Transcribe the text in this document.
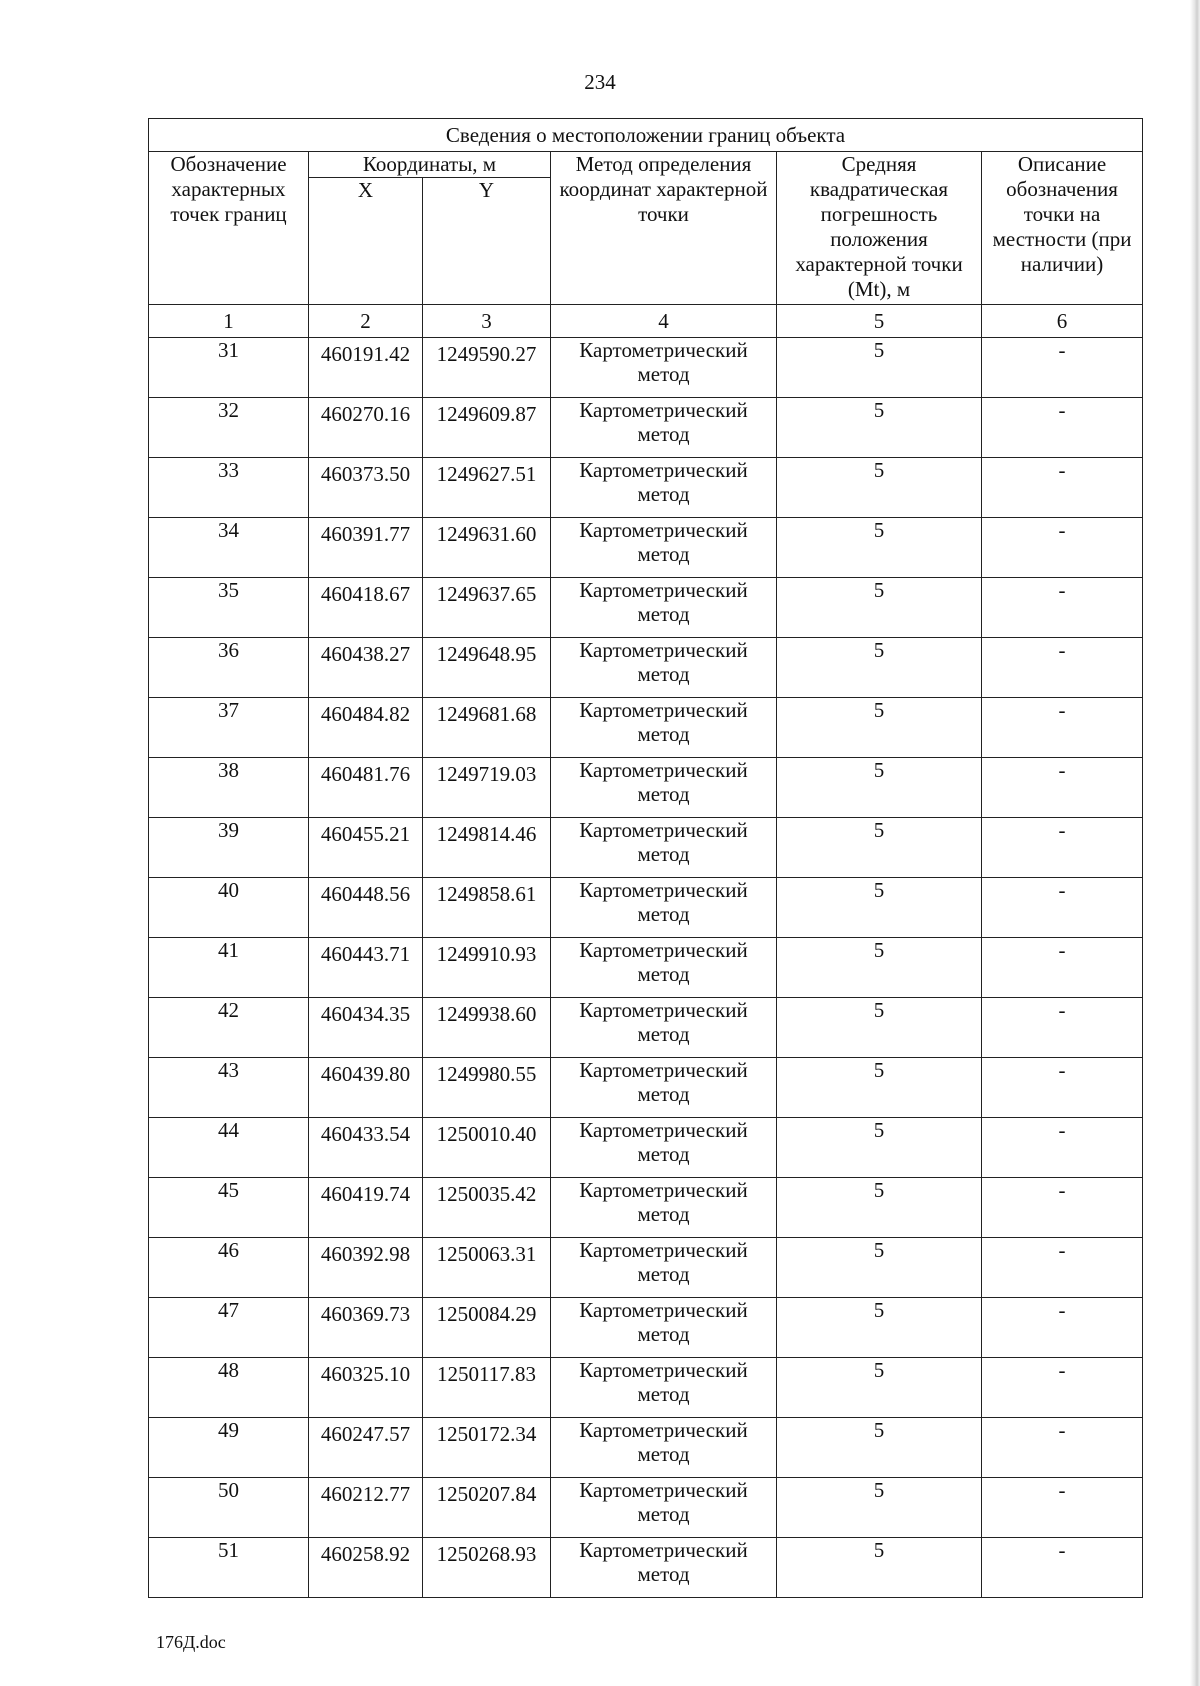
234
Сведения о местоположении границ объекта					
Обозначение характерных точек границ	Координаты, м		Метод определения координат характерной точки	Средняя квадратическая погрешность положения характерной точки (Mt), м	Описание обозначения точки на местности (при наличии)
	X	Y			
1	2	3	4	5	6
31	460191.42	1249590.27	Картометрический метод	5	-
32	460270.16	1249609.87	Картометрический метод	5	-
33	460373.50	1249627.51	Картометрический метод	5	-
34	460391.77	1249631.60	Картометрический метод	5	-
35	460418.67	1249637.65	Картометрический метод	5	-
36	460438.27	1249648.95	Картометрический метод	5	-
37	460484.82	1249681.68	Картометрический метод	5	-
38	460481.76	1249719.03	Картометрический метод	5	-
39	460455.21	1249814.46	Картометрический метод	5	-
40	460448.56	1249858.61	Картометрический метод	5	-
41	460443.71	1249910.93	Картометрический метод	5	-
42	460434.35	1249938.60	Картометрический метод	5	-
43	460439.80	1249980.55	Картометрический метод	5	-
44	460433.54	1250010.40	Картометрический метод	5	-
45	460419.74	1250035.42	Картометрический метод	5	-
46	460392.98	1250063.31	Картометрический метод	5	-
47	460369.73	1250084.29	Картометрический метод	5	-
48	460325.10	1250117.83	Картометрический метод	5	-
49	460247.57	1250172.34	Картометрический метод	5	-
50	460212.77	1250207.84	Картометрический метод	5	-
51	460258.92	1250268.93	Картометрический метод	5	-
176Д.doc
